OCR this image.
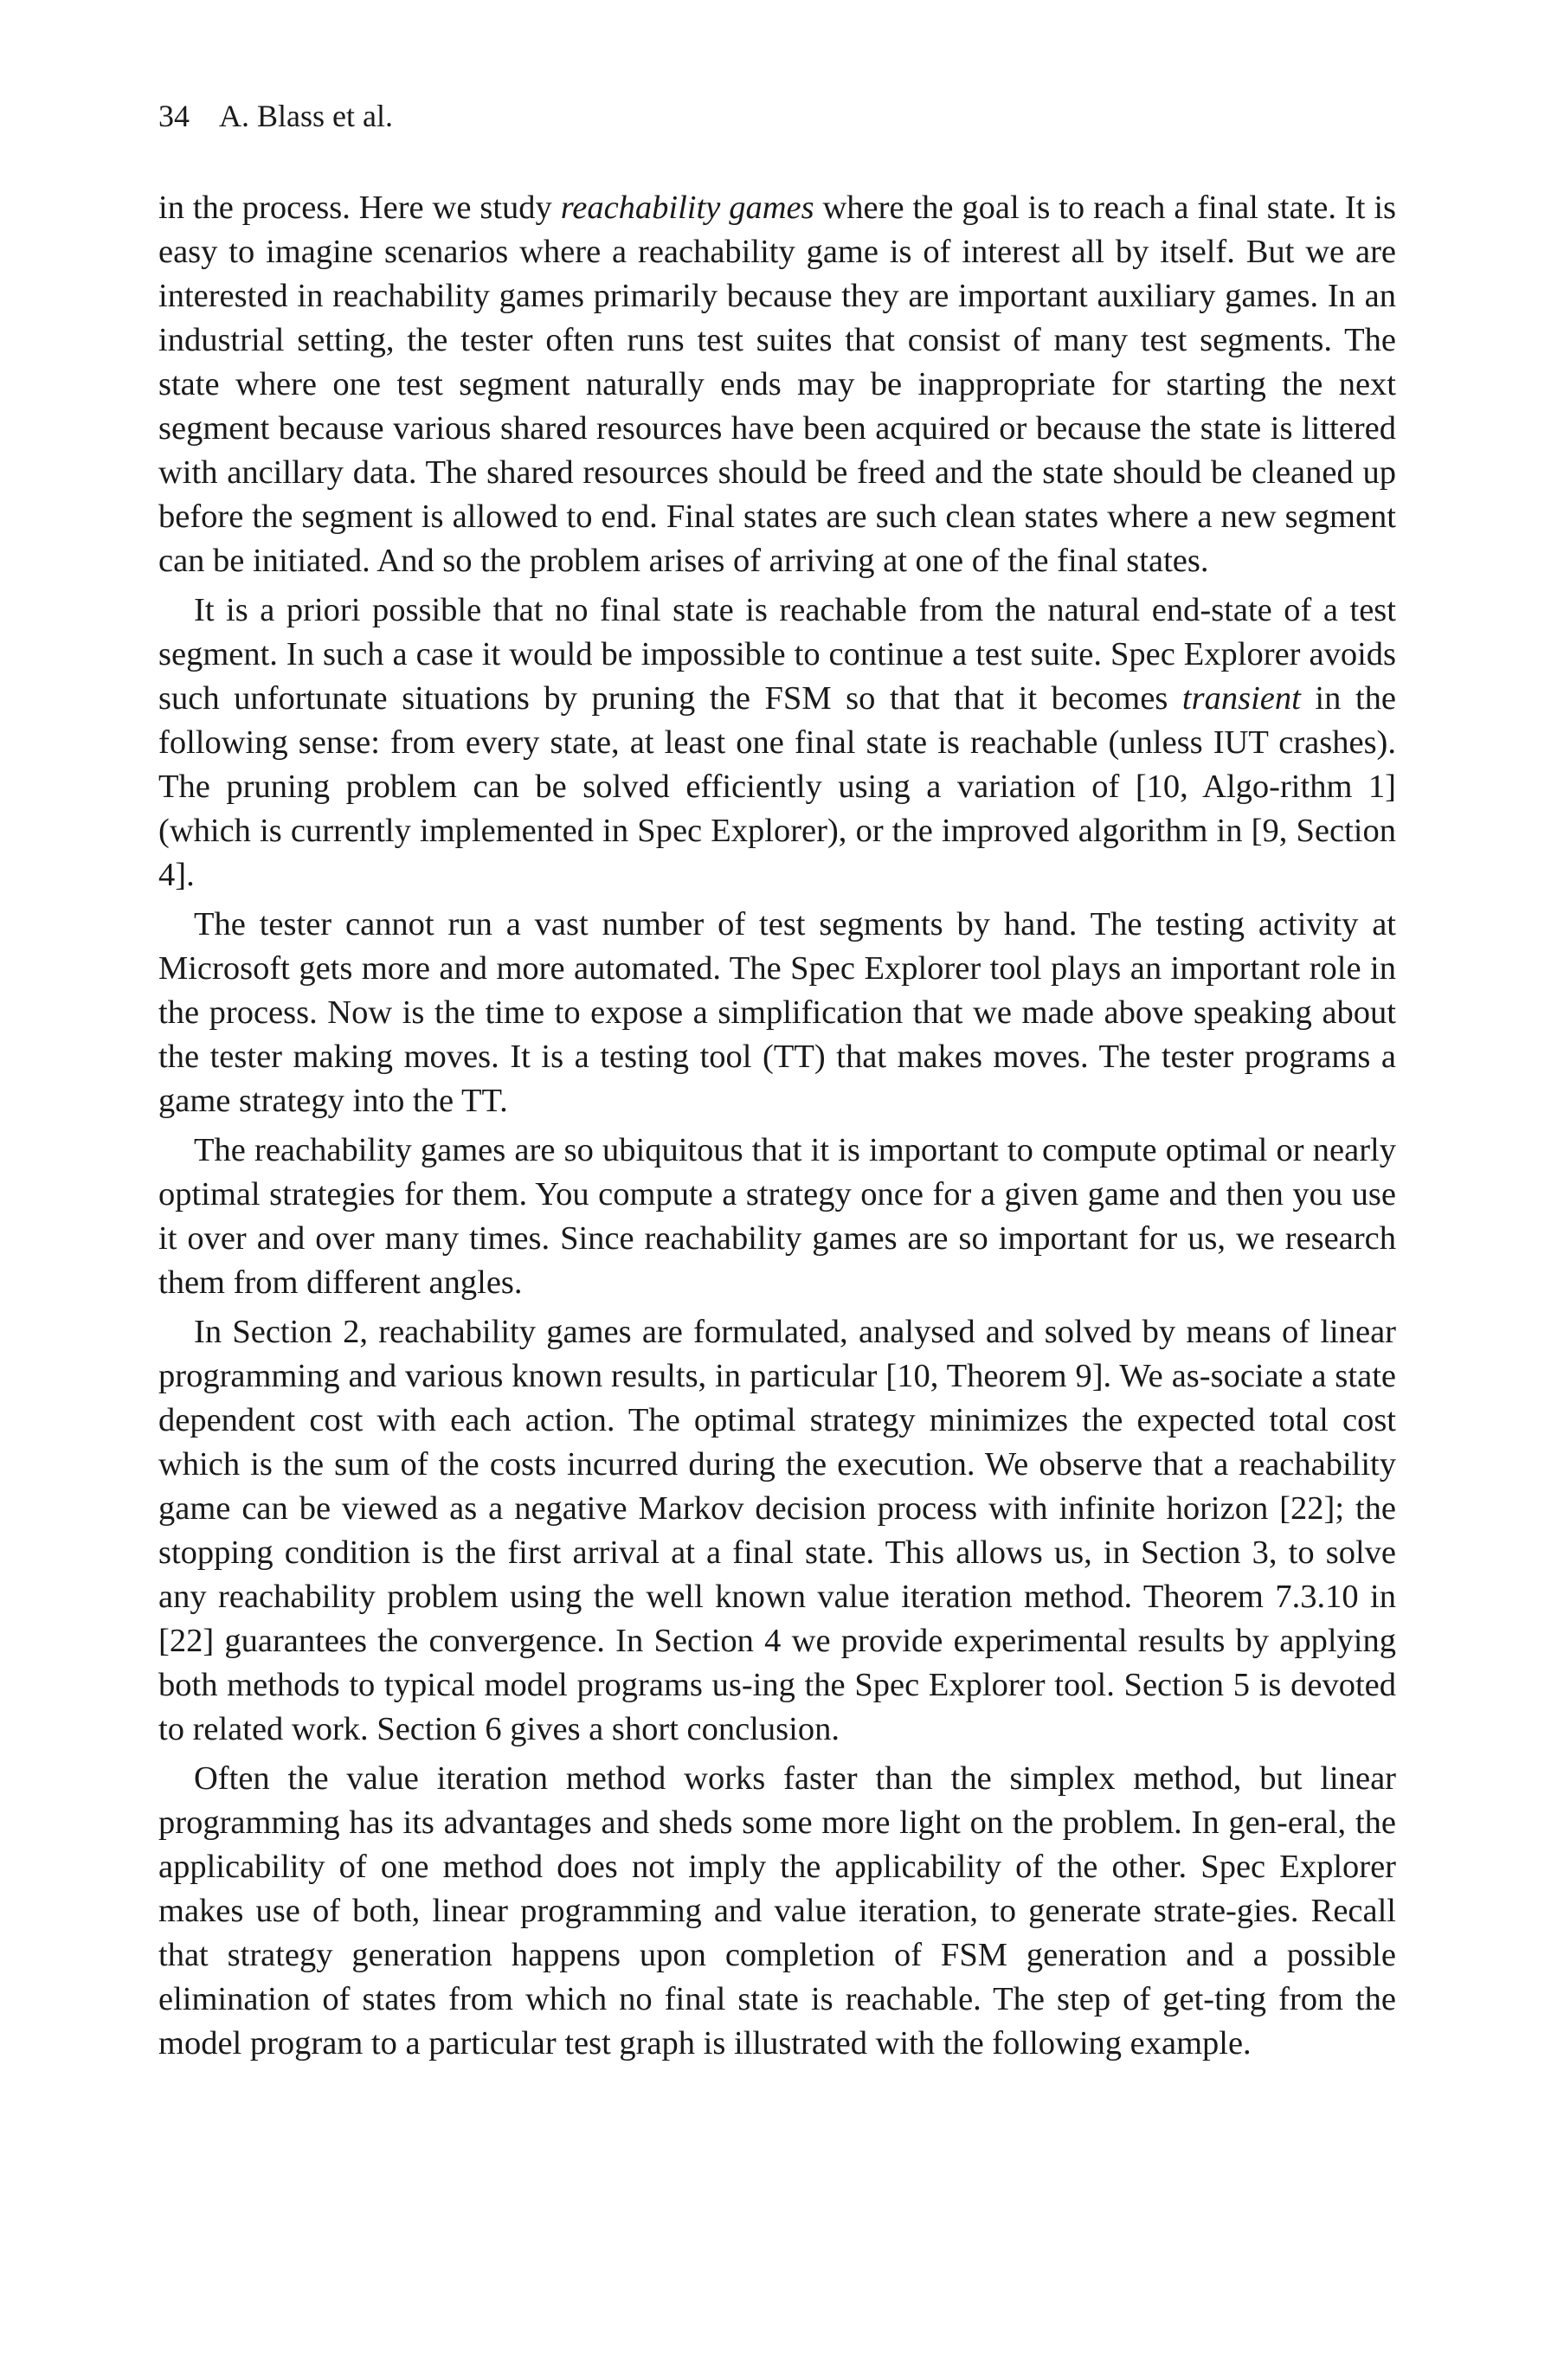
34 A. Blass et al.

in the process. Here we study reachability games where the goal is to reach a final state. It is easy to imagine scenarios where a reachability game is of interest all by itself. But we are interested in reachability games primarily because they are important auxiliary games. In an industrial setting, the tester often runs test suites that consist of many test segments. The state where one test segment naturally ends may be inappropriate for starting the next segment because various shared resources have been acquired or because the state is littered with ancillary data. The shared resources should be freed and the state should be cleaned up before the segment is allowed to end. Final states are such clean states where a new segment can be initiated. And so the problem arises of arriving at one of the final states.

It is a priori possible that no final state is reachable from the natural end-state of a test segment. In such a case it would be impossible to continue a test suite. Spec Explorer avoids such unfortunate situations by pruning the FSM so that that it becomes transient in the following sense: from every state, at least one final state is reachable (unless IUT crashes). The pruning problem can be solved efficiently using a variation of [10, Algo-rithm 1] (which is currently implemented in Spec Explorer), or the improved algorithm in [9, Section 4].

The tester cannot run a vast number of test segments by hand. The testing activity at Microsoft gets more and more automated. The Spec Explorer tool plays an important role in the process. Now is the time to expose a simplification that we made above speaking about the tester making moves. It is a testing tool (TT) that makes moves. The tester programs a game strategy into the TT.

The reachability games are so ubiquitous that it is important to compute optimal or nearly optimal strategies for them. You compute a strategy once for a given game and then you use it over and over many times. Since reachability games are so important for us, we research them from different angles.

In Section 2, reachability games are formulated, analysed and solved by means of linear programming and various known results, in particular [10, Theorem 9]. We as-sociate a state dependent cost with each action. The optimal strategy minimizes the expected total cost which is the sum of the costs incurred during the execution. We observe that a reachability game can be viewed as a negative Markov decision process with infinite horizon [22]; the stopping condition is the first arrival at a final state. This allows us, in Section 3, to solve any reachability problem using the well known value iteration method. Theorem 7.3.10 in [22] guarantees the convergence. In Section 4 we provide experimental results by applying both methods to typical model programs us-ing the Spec Explorer tool. Section 5 is devoted to related work. Section 6 gives a short conclusion.

Often the value iteration method works faster than the simplex method, but linear programming has its advantages and sheds some more light on the problem. In gen-eral, the applicability of one method does not imply the applicability of the other. Spec Explorer makes use of both, linear programming and value iteration, to generate strate-gies. Recall that strategy generation happens upon completion of FSM generation and a possible elimination of states from which no final state is reachable. The step of get-ting from the model program to a particular test graph is illustrated with the following example.
